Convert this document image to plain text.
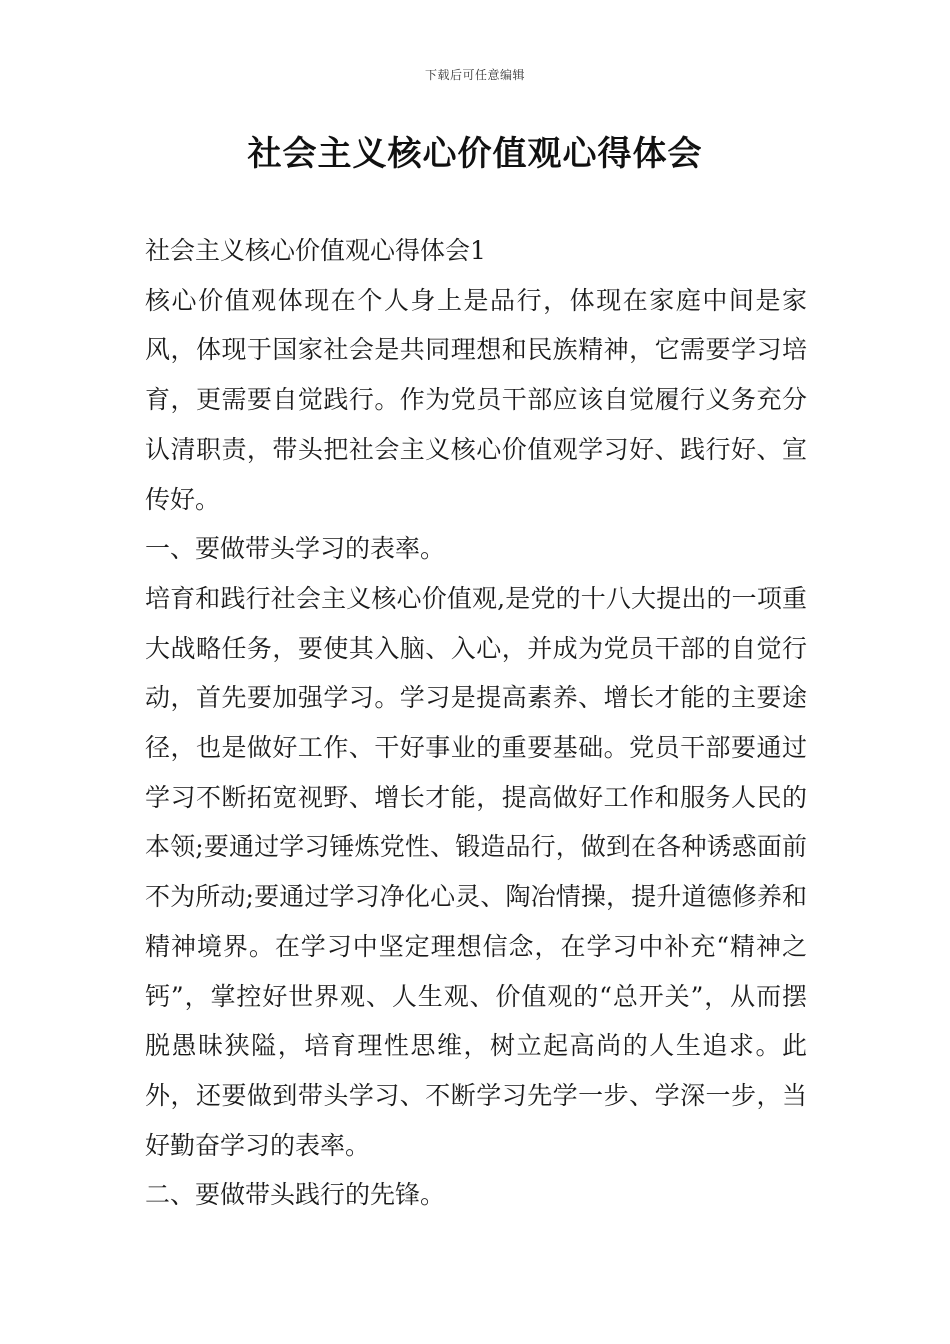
下载后可任意编辑
社会主义核心价值观心得体会

社会主义核心价值观心得体会1

核心价值观体现在个人身上是品行，体现在家庭中间是家风，体现于国家社会是共同理想和民族精神，它需要学习培育，更需要自觉践行。作为党员干部应该自觉履行义务充分认清职责，带头把社会主义核心价值观学习好、践行好、宣传好。

一、要做带头学习的表率。

培育和践行社会主义核心价值观,是党的十八大提出的一项重大战略任务，要使其入脑、入心，并成为党员干部的自觉行动，首先要加强学习。学习是提高素养、增长才能的主要途径，也是做好工作、干好事业的重要基础。党员干部要通过学习不断拓宽视野、增长才能，提高做好工作和服务人民的本领;要通过学习锤炼党性、锻造品行，做到在各种诱惑面前不为所动;要通过学习净化心灵、陶冶情操，提升道德修养和精神境界。在学习中坚定理想信念，在学习中补充“精神之钙”，掌控好世界观、人生观、价值观的“总开关”，从而摆脱愚昧狭隘，培育理性思维，树立起高尚的人生追求。此外，还要做到带头学习、不断学习先学一步、学深一步，当好勤奋学习的表率。

二、要做带头践行的先锋。
